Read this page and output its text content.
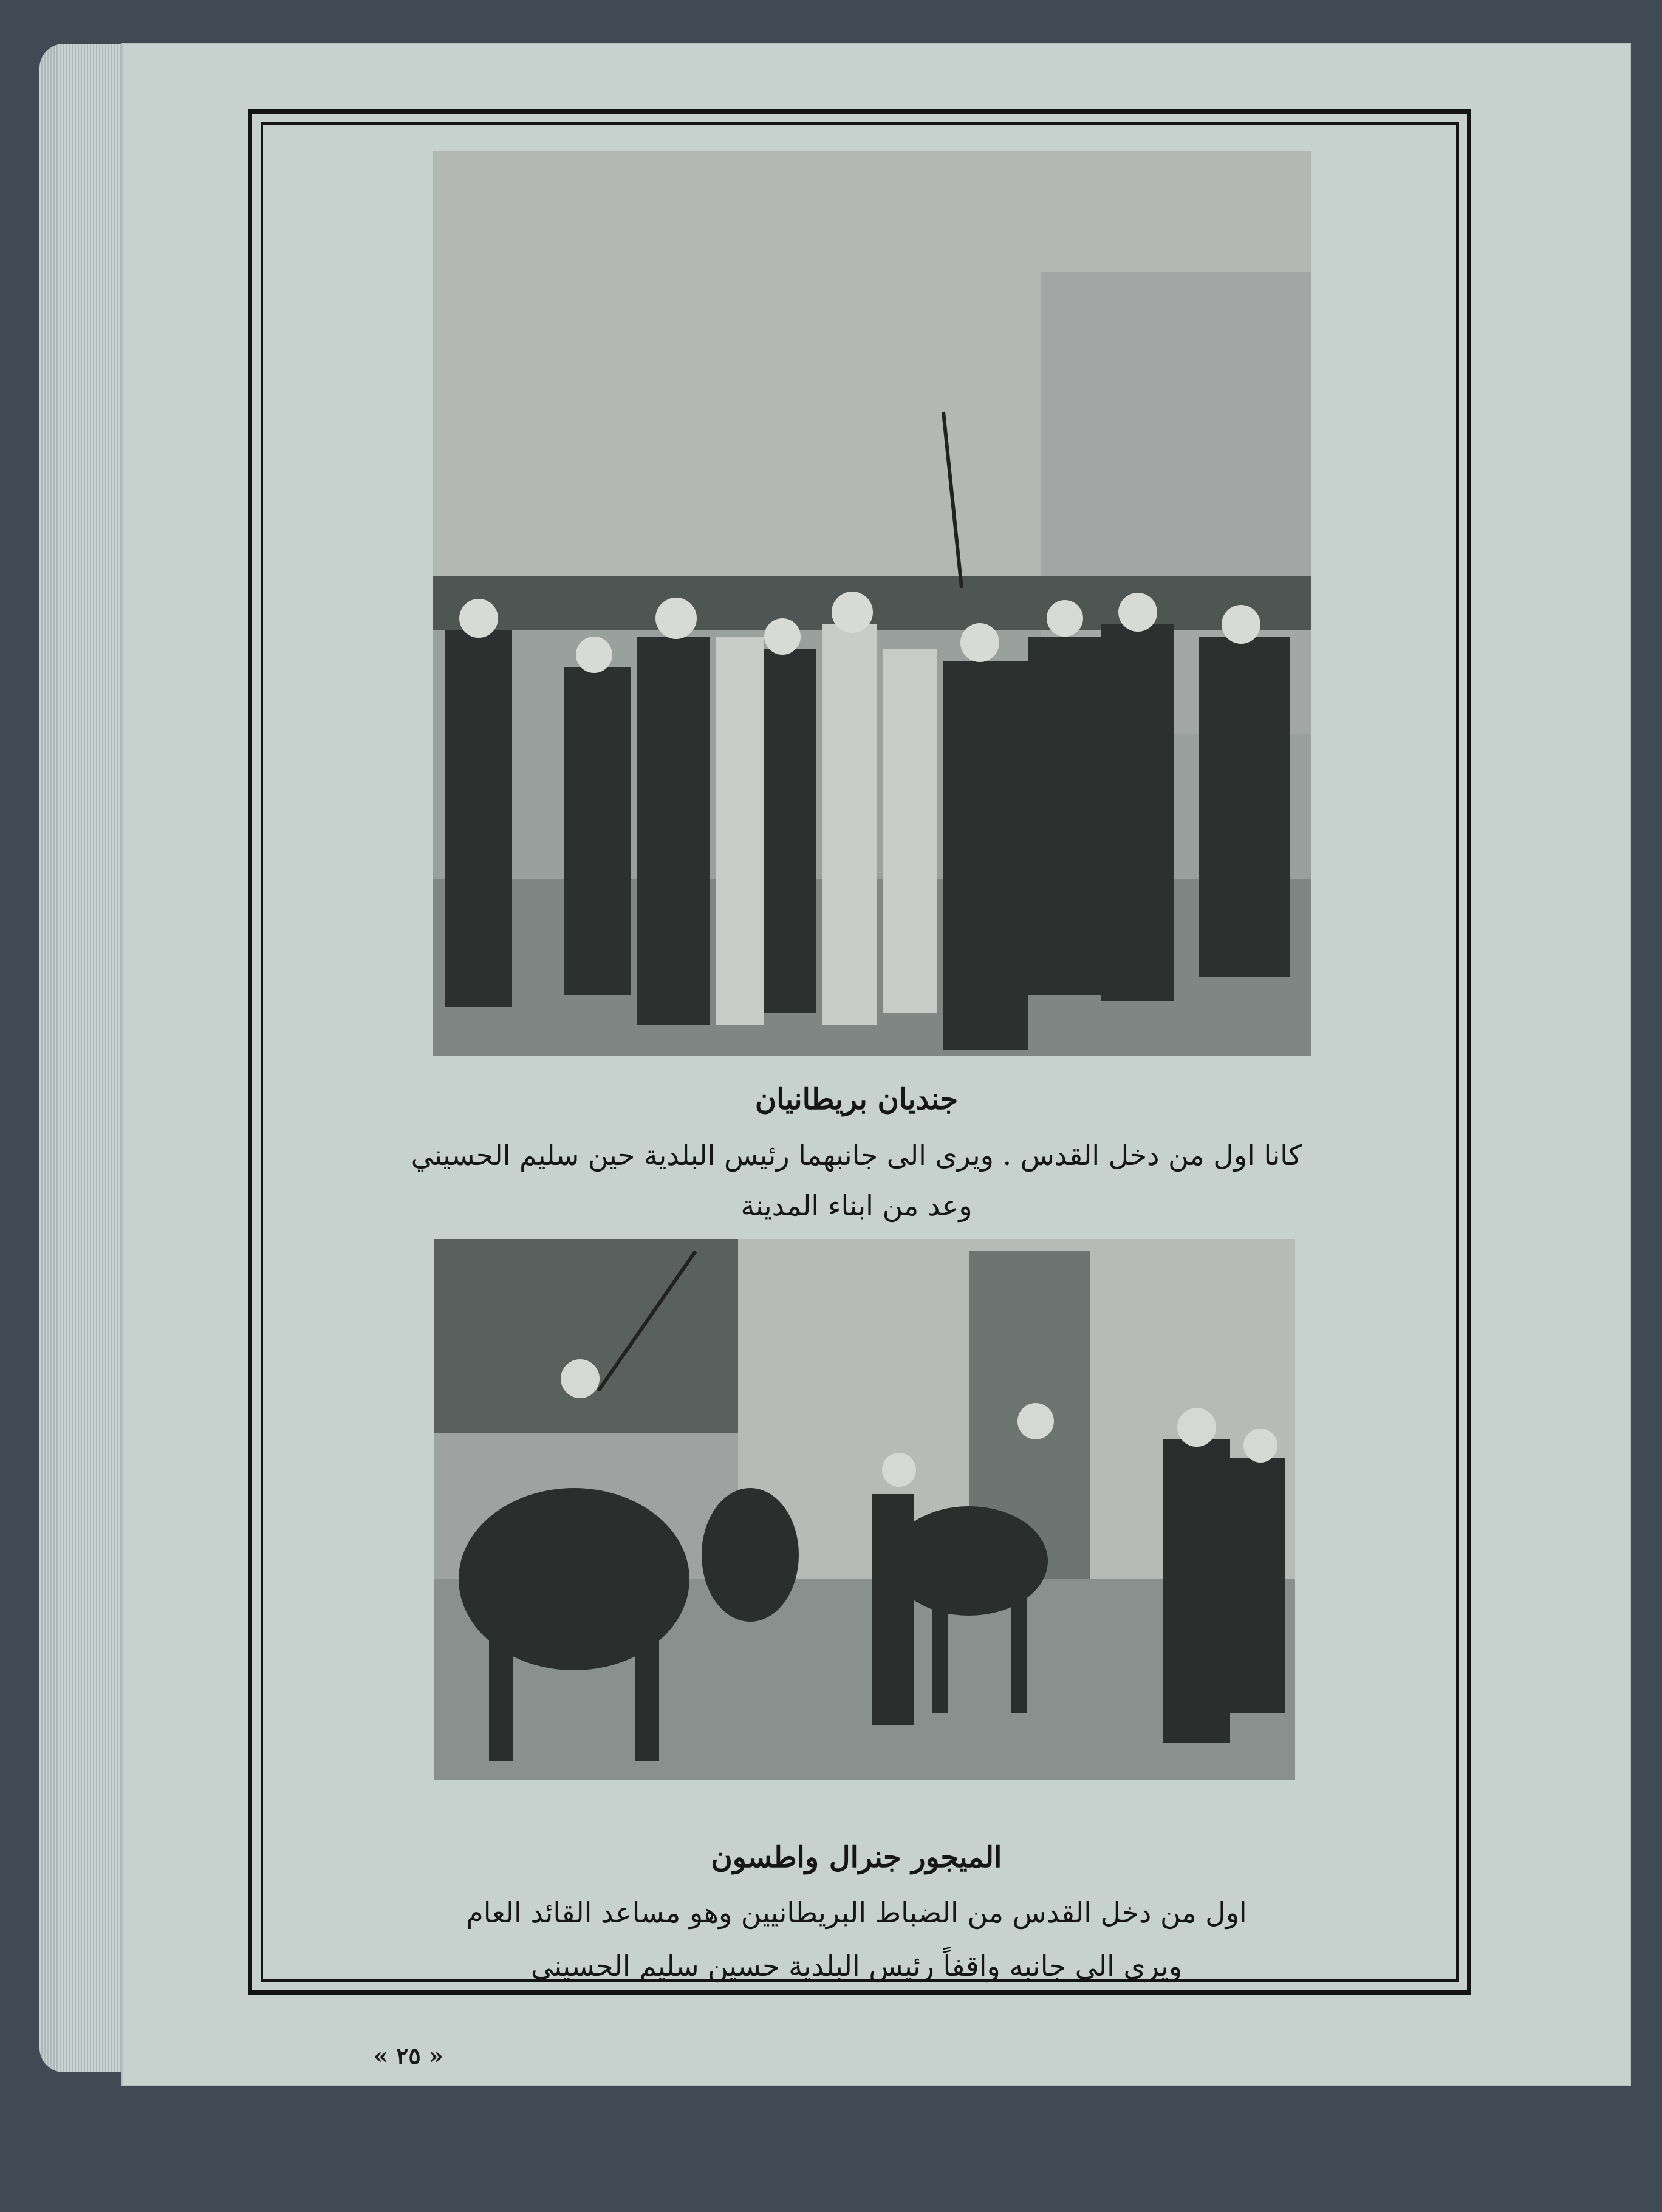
جنديان بريطانيان
كانا اول من دخل القدس . ويرى الى جانبهما رئيس البلدية حين سليم الحسيني
وعد من ابناء المدينة
الميجور جنرال واطسون
اول من دخل القدس من الضباط البريطانيين وهو مساعد القائد العام
ويرى الى جانبه واقفاً رئيس البلدية حسين سليم الحسيني
« ٢٥ »
